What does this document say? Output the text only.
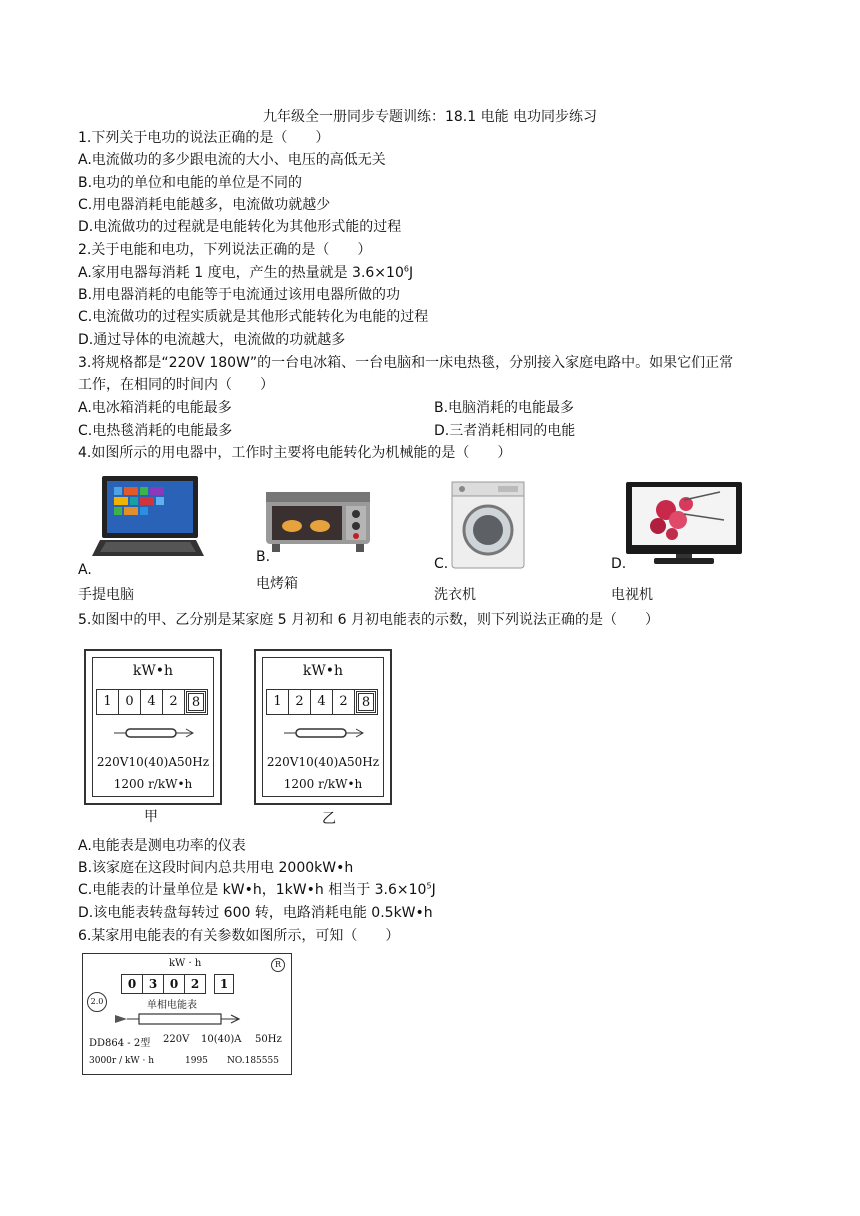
九年级全一册同步专题训练：18.1 电能 电功同步练习
1.下列关于电功的说法正确的是（　　）
A.电流做功的多少跟电流的大小、电压的高低无关
B.电功的单位和电能的单位是不同的
C.用电器消耗电能越多，电流做功就越少
D.电流做功的过程就是电能转化为其他形式能的过程
2.关于电能和电功，下列说法正确的是（　　）
A.家用电器每消耗 1 度电，产生的热量就是 $3.6\times 10^6J$
B.用电器消耗的电能等于电流通过该用电器所做的功
C.电流做功的过程实质就是其他形式能转化为电能的过程
D.通过导体的电流越大，电流做的功就越多
3.将规格都是“220V 180W”的一台电冰箱、一台电脑和一床电热毯，分别接入家庭电路中。如果它们正常
工作，在相同的时间内（　　）
A.电冰箱消耗的电能最多	B.电脑消耗的电能最多
C.电热毯消耗的电能最多	D.三者消耗相同的电能
4.如图所示的用电器中，工作时主要将电能转化为机械能的是（　　）
A.
手提电脑
B.
电烤箱
C.
洗衣机
D.
电视机
5.如图中的甲、乙分别是某家庭 5 月初和 6 月初电能表的示数，则下列说法正确的是（　　）
kW•h
1	0	4	2	8
220V10(40)A50Hz
1200 r/kW•h
甲
kW•h
1	2	4	2	8
220V10(40)A50Hz
1200 r/kW•h
乙
A.电能表是测电功率的仪表
B.该家庭在这段时间内总共用电 2000kW•h
C.电能表的计量单位是 kW•h，1kW•h 相当于 $3.6\times 10^5J$
D.该电能表转盘每转过 600 转，电路消耗电能 0.5kW•h
6.某家用电能表的有关参数如图所示，可知（　　）
kW · h	R
0	3	0	2	1
2.0	单相电能表
DD864 - 2型 220V 10(40)A 50Hz
3000r / kW · h	1995 NO.185555
